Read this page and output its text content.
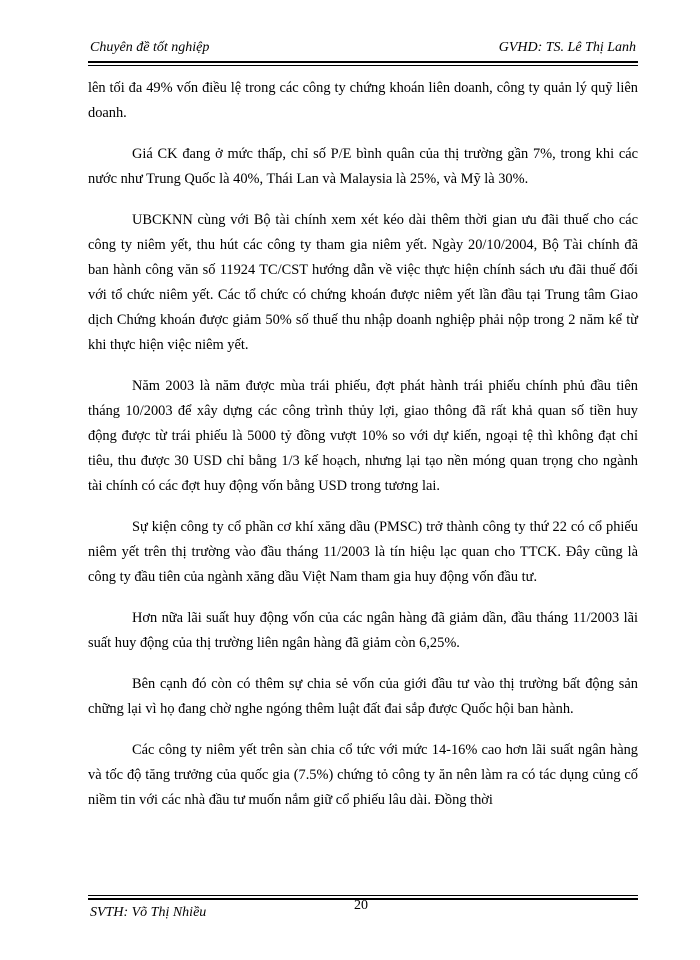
Chuyên đề tốt nghiệp	GVHD: TS. Lê Thị Lanh

lên tối đa 49% vốn điều lệ trong các công ty chứng khoán liên doanh, công ty quản lý quỹ liên doanh.

Giá CK đang ở mức thấp, chỉ số P/E bình quân của thị trường gần 7%, trong khi các nước như Trung Quốc là 40%, Thái Lan và Malaysia là 25%, và Mỹ là 30%.

UBCKNN cùng với Bộ tài chính xem xét kéo dài thêm thời gian ưu đãi thuế cho các công ty niêm yết, thu hút các công ty tham gia niêm yết. Ngày 20/10/2004, Bộ Tài chính đã ban hành công văn số 11924 TC/CST hướng dẫn về việc thực hiện chính sách ưu đãi thuế đối với tổ chức niêm yết. Các tổ chức có chứng khoán được niêm yết lần đầu tại Trung tâm Giao dịch Chứng khoán được giảm 50% số thuế thu nhập doanh nghiệp phải nộp trong 2 năm kể từ khi thực hiện việc niêm yết.

Năm 2003 là năm được mùa trái phiếu, đợt phát hành trái phiếu chính phủ đầu tiên tháng 10/2003 để xây dựng các công trình thủy lợi, giao thông đã rất khả quan số tiền huy động được từ trái phiếu là 5000 tỷ đồng vượt 10% so với dự kiến, ngoại tệ thì không đạt chỉ tiêu, thu được 30 USD chỉ bằng 1/3 kế hoạch, nhưng lại tạo nền móng quan trọng cho ngành tài chính có các đợt huy động vốn bằng USD trong tương lai.

Sự kiện công ty cổ phần cơ khí xăng dầu (PMSC) trở thành công ty thứ 22 có cổ phiếu niêm yết trên thị trường vào đầu tháng 11/2003 là tín hiệu lạc quan cho TTCK. Đây cũng là công ty đầu tiên của ngành xăng dầu Việt Nam tham gia huy động vốn đầu tư.

Hơn nữa lãi suất huy động vốn của các ngân hàng đã giảm dần, đầu tháng 11/2003 lãi suất huy động của thị trường liên ngân hàng đã giảm còn 6,25%.

Bên cạnh đó còn có thêm sự chia sẻ vốn của giới đầu tư vào thị trường bất động sản chững lại vì họ đang chờ nghe ngóng thêm luật đất đai sắp được Quốc hội ban hành.

Các công ty niêm yết trên sàn chia cổ tức với mức 14-16% cao hơn lãi suất ngân hàng và tốc độ tăng trưởng của quốc gia (7.5%) chứng tỏ công ty ăn nên làm ra có tác dụng củng cố niềm tin với các nhà đầu tư muốn nắm giữ cổ phiếu lâu dài. Đồng thời

20
SVTH: Võ Thị Nhiều
